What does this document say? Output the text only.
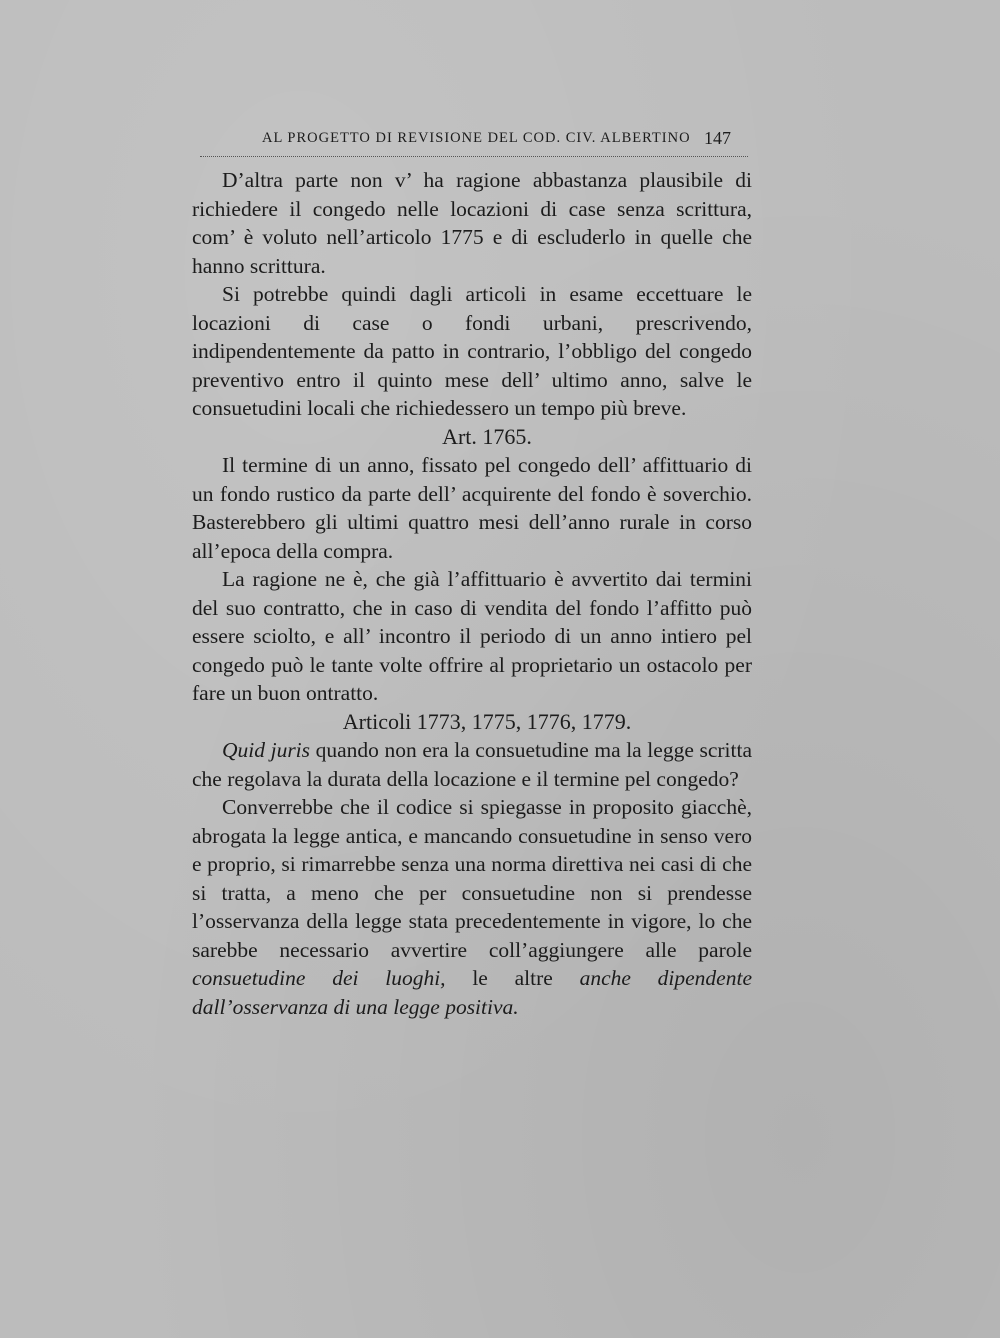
AL PROGETTO DI REVISIONE DEL COD. CIV. ALBERTINO 147

D’altra parte non v’ ha ragione abbastanza plausibile di richiedere il congedo nelle locazioni di case senza scrittura, com’ è voluto nell’articolo 1775 e di escluderlo in quelle che hanno scrittura.

Si potrebbe quindi dagli articoli in esame eccettuare le locazioni di case o fondi urbani, prescrivendo, indipendentemente da patto in contrario, l’obbligo del congedo preventivo entro il quinto mese dell’ ultimo anno, salve le consuetudini locali che richiedessero un tempo più breve.

Art. 1765.

Il termine di un anno, fissato pel congedo dell’ affittuario di un fondo rustico da parte dell’ acquirente del fondo è soverchio. Basterebbero gli ultimi quattro mesi dell’anno rurale in corso all’epoca della compra.

La ragione ne è, che già l’affittuario è avvertito dai termini del suo contratto, che in caso di vendita del fondo l’affitto può essere sciolto, e all’ incontro il periodo di un anno intiero pel congedo può le tante volte offrire al proprietario un ostacolo per fare un buon ontratto.

Articoli 1773, 1775, 1776, 1779.

Quid juris quando non era la consuetudine ma la legge scritta che regolava la durata della locazione e il termine pel congedo?

Converrebbe che il codice si spiegasse in proposito giacchè, abrogata la legge antica, e mancando consuetudine in senso vero e proprio, si rimarrebbe senza una norma direttiva nei casi di che si tratta, a meno che per consuetudine non si prendesse l’osservanza della legge stata precedentemente in vigore, lo che sarebbe necessario avvertire coll’aggiungere alle parole consuetudine dei luoghi, le altre anche dipendente dall’osservanza di una legge positiva.
